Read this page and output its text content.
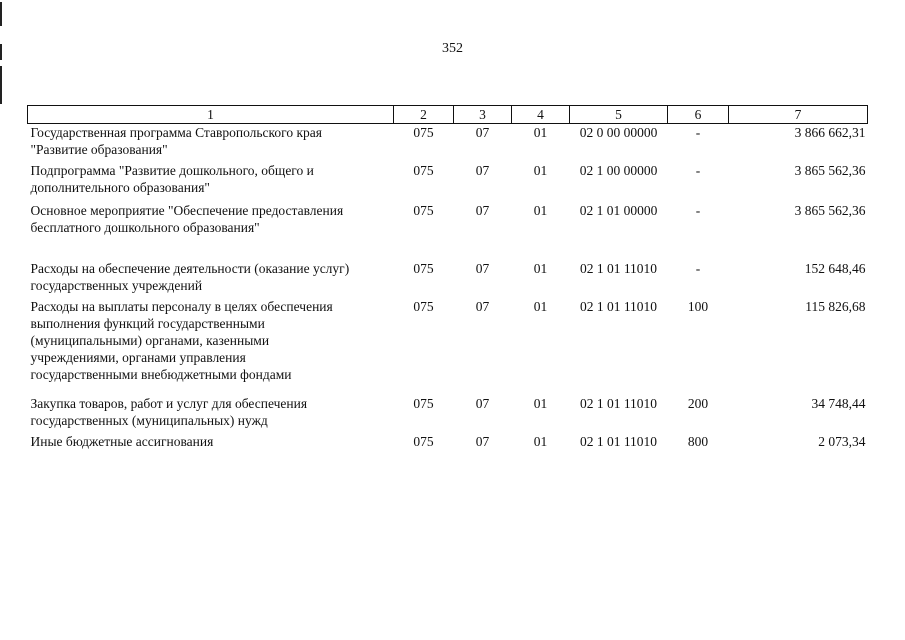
352
1	2	3	4	5	6	7

Государственная программа Ставропольского края
"Развитие образования"	075	07	01	02 0 00 00000	-	3 866 662,31

Подпрограмма "Развитие дошкольного, общего и
дополнительного образования"	075	07	01	02 1 00 00000	-	3 865 562,36

Основное мероприятие "Обеспечение предоставления
бесплатного дошкольного образования"	075	07	01	02 1 01 00000	-	3 865 562,36

Расходы на обеспечение деятельности (оказание услуг)
государственных учреждений	075	07	01	02 1 01 11010	-	152 648,46

Расходы на выплаты персоналу в целях обеспечения
выполнения функций государственными
(муниципальными) органами, казенными
учреждениями, органами управления
государственными внебюджетными фондами	075	07	01	02 1 01 11010	100	115 826,68

Закупка товаров, работ и услуг для обеспечения
государственных (муниципальных) нужд	075	07	01	02 1 01 11010	200	34 748,44

Иные бюджетные ассигнования	075	07	01	02 1 01 11010	800	2 073,34
